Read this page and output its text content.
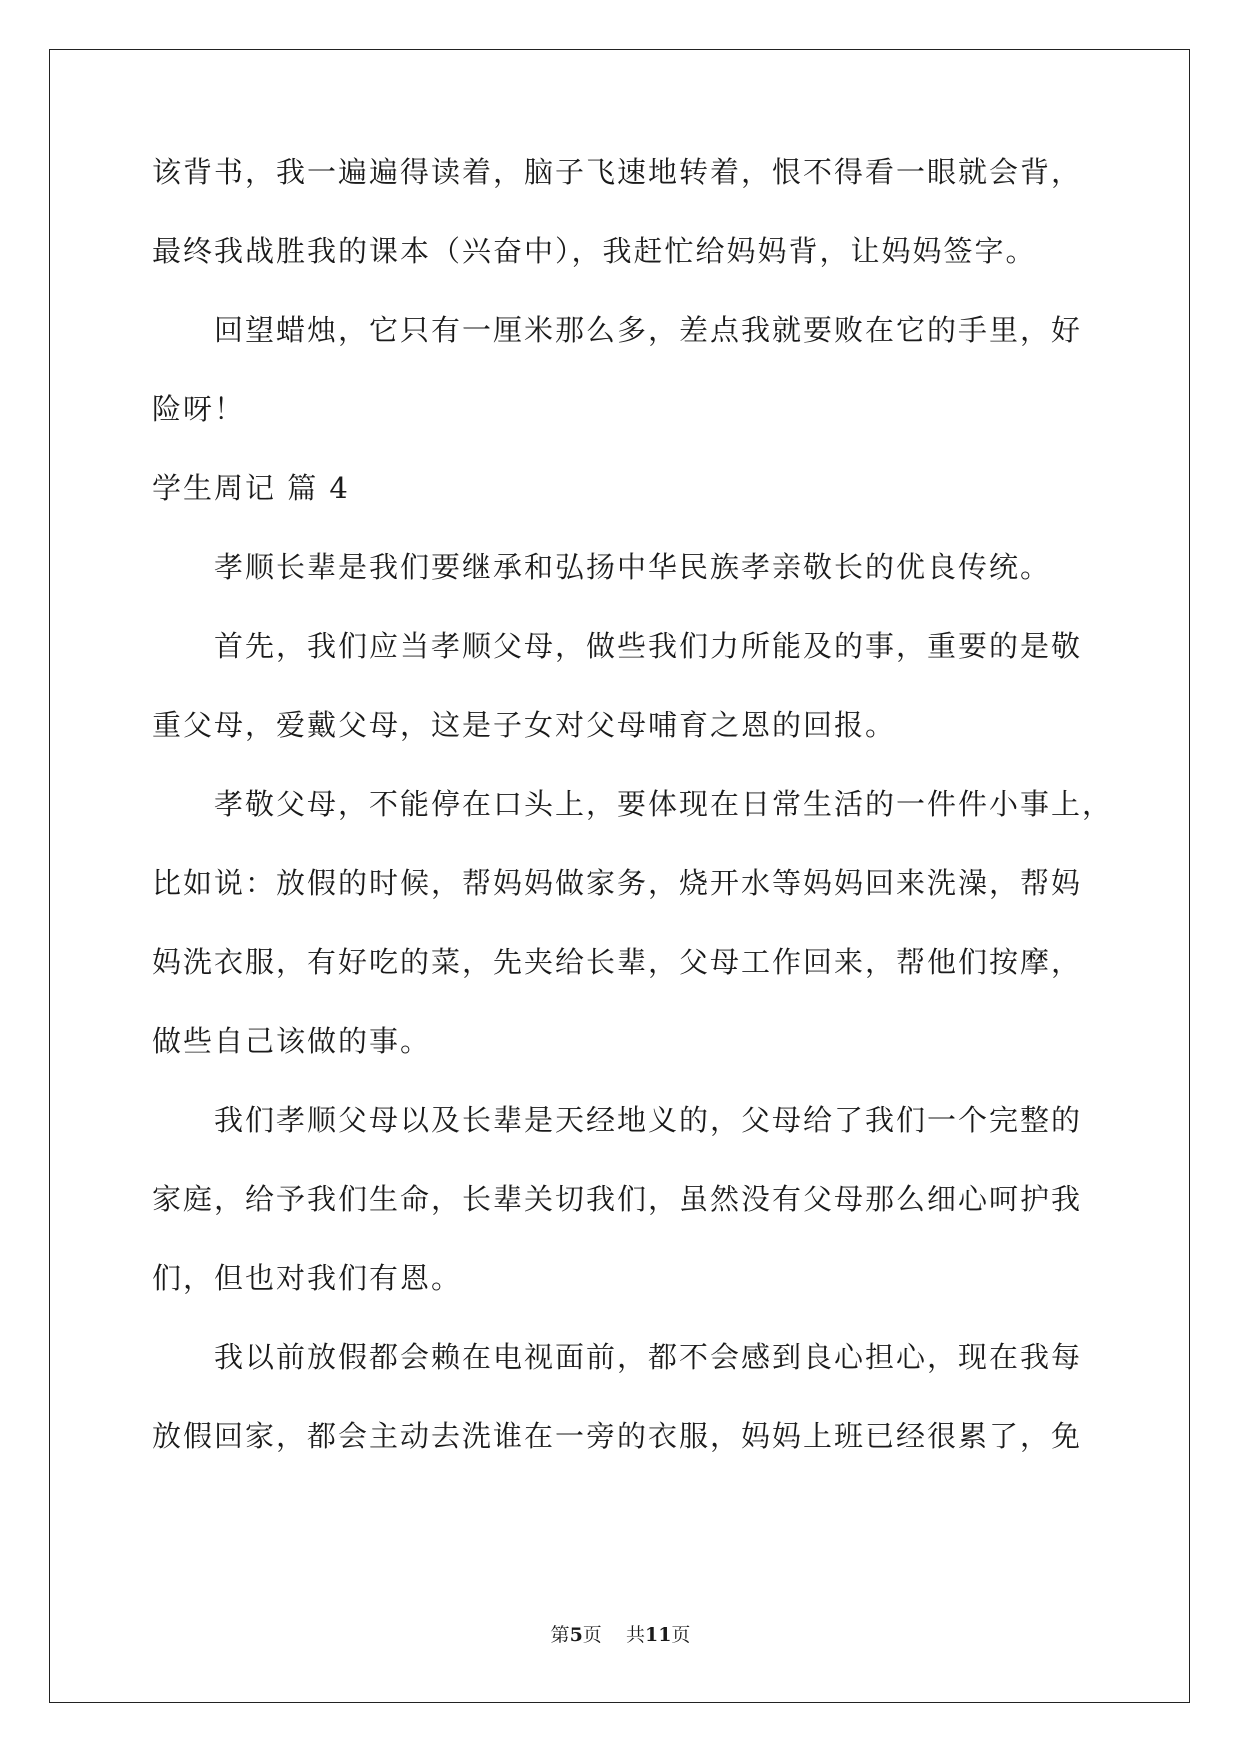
该背书，我一遍遍得读着，脑子飞速地转着，恨不得看一眼就会背，
最终我战胜我的课本（兴奋中），我赶忙给妈妈背，让妈妈签字。
回望蜡烛，它只有一厘米那么多，差点我就要败在它的手里，好
险呀！
学生周记 篇 4
孝顺长辈是我们要继承和弘扬中华民族孝亲敬长的优良传统。
首先，我们应当孝顺父母，做些我们力所能及的事，重要的是敬
重父母，爱戴父母，这是子女对父母哺育之恩的回报。
孝敬父母，不能停在口头上，要体现在日常生活的一件件小事上，
比如说：放假的时候，帮妈妈做家务，烧开水等妈妈回来洗澡，帮妈
妈洗衣服，有好吃的菜，先夹给长辈，父母工作回来，帮他们按摩，
做些自己该做的事。
我们孝顺父母以及长辈是天经地义的，父母给了我们一个完整的
家庭，给予我们生命，长辈关切我们，虽然没有父母那么细心呵护我
们，但也对我们有恩。
我以前放假都会赖在电视面前，都不会感到良心担心，现在我每
放假回家，都会主动去洗谁在一旁的衣服，妈妈上班已经很累了，免
第5页    共11页
